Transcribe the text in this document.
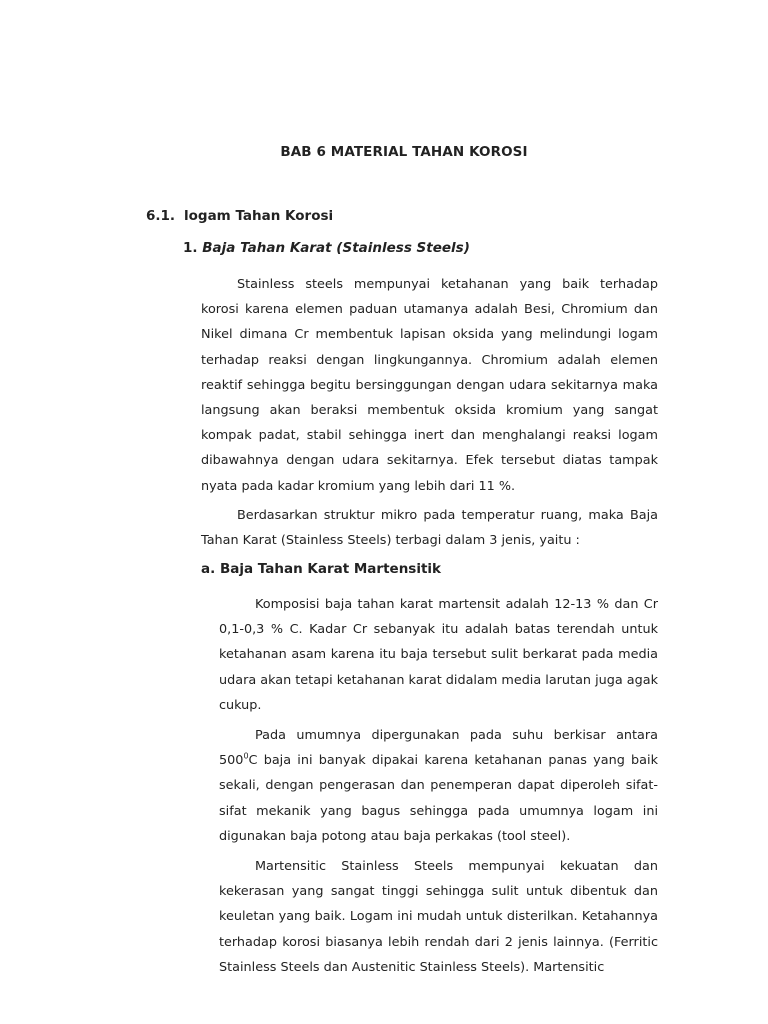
BAB 6 MATERIAL TAHAN KOROSI
6.1. logam Tahan Korosi
1. Baja Tahan Karat (Stainless Steels)

Stainless steels mempunyai ketahanan yang baik terhadap korosi karena elemen paduan utamanya adalah Besi, Chromium dan Nikel dimana Cr membentuk lapisan oksida yang melindungi logam terhadap reaksi dengan lingkungannya. Chromium adalah elemen reaktif sehingga begitu bersinggungan dengan udara sekitarnya maka langsung akan beraksi membentuk oksida kromium yang sangat kompak padat, stabil sehingga inert dan menghalangi reaksi logam dibawahnya dengan udara sekitarnya. Efek tersebut diatas tampak nyata pada kadar kromium yang lebih dari 11 %.

Berdasarkan struktur mikro pada temperatur ruang, maka Baja Tahan Karat (Stainless Steels) terbagi dalam 3 jenis, yaitu :

a. Baja Tahan Karat Martensitik

Komposisi baja tahan karat martensit adalah 12-13 % dan Cr 0,1-0,3 % C. Kadar Cr sebanyak itu adalah batas terendah untuk ketahanan asam karena itu baja tersebut sulit berkarat pada media udara akan tetapi ketahanan karat didalam media larutan juga agak cukup.

Pada umumnya dipergunakan pada suhu berkisar antara $500^0C$ baja ini banyak dipakai karena ketahanan panas yang baik sekali, dengan pengerasan dan penemperan dapat diperoleh sifat-sifat mekanik yang bagus sehingga pada umumnya logam ini digunakan baja potong atau baja perkakas (tool steel).

Martensitic Stainless Steels mempunyai kekuatan dan kekerasan yang sangat tinggi sehingga sulit untuk dibentuk dan keuletan yang baik. Logam ini mudah untuk disterilkan. Ketahannya terhadap korosi biasanya lebih rendah dari 2 jenis lainnya. (Ferritic Stainless Steels dan Austenitic Stainless Steels). Martensitic
